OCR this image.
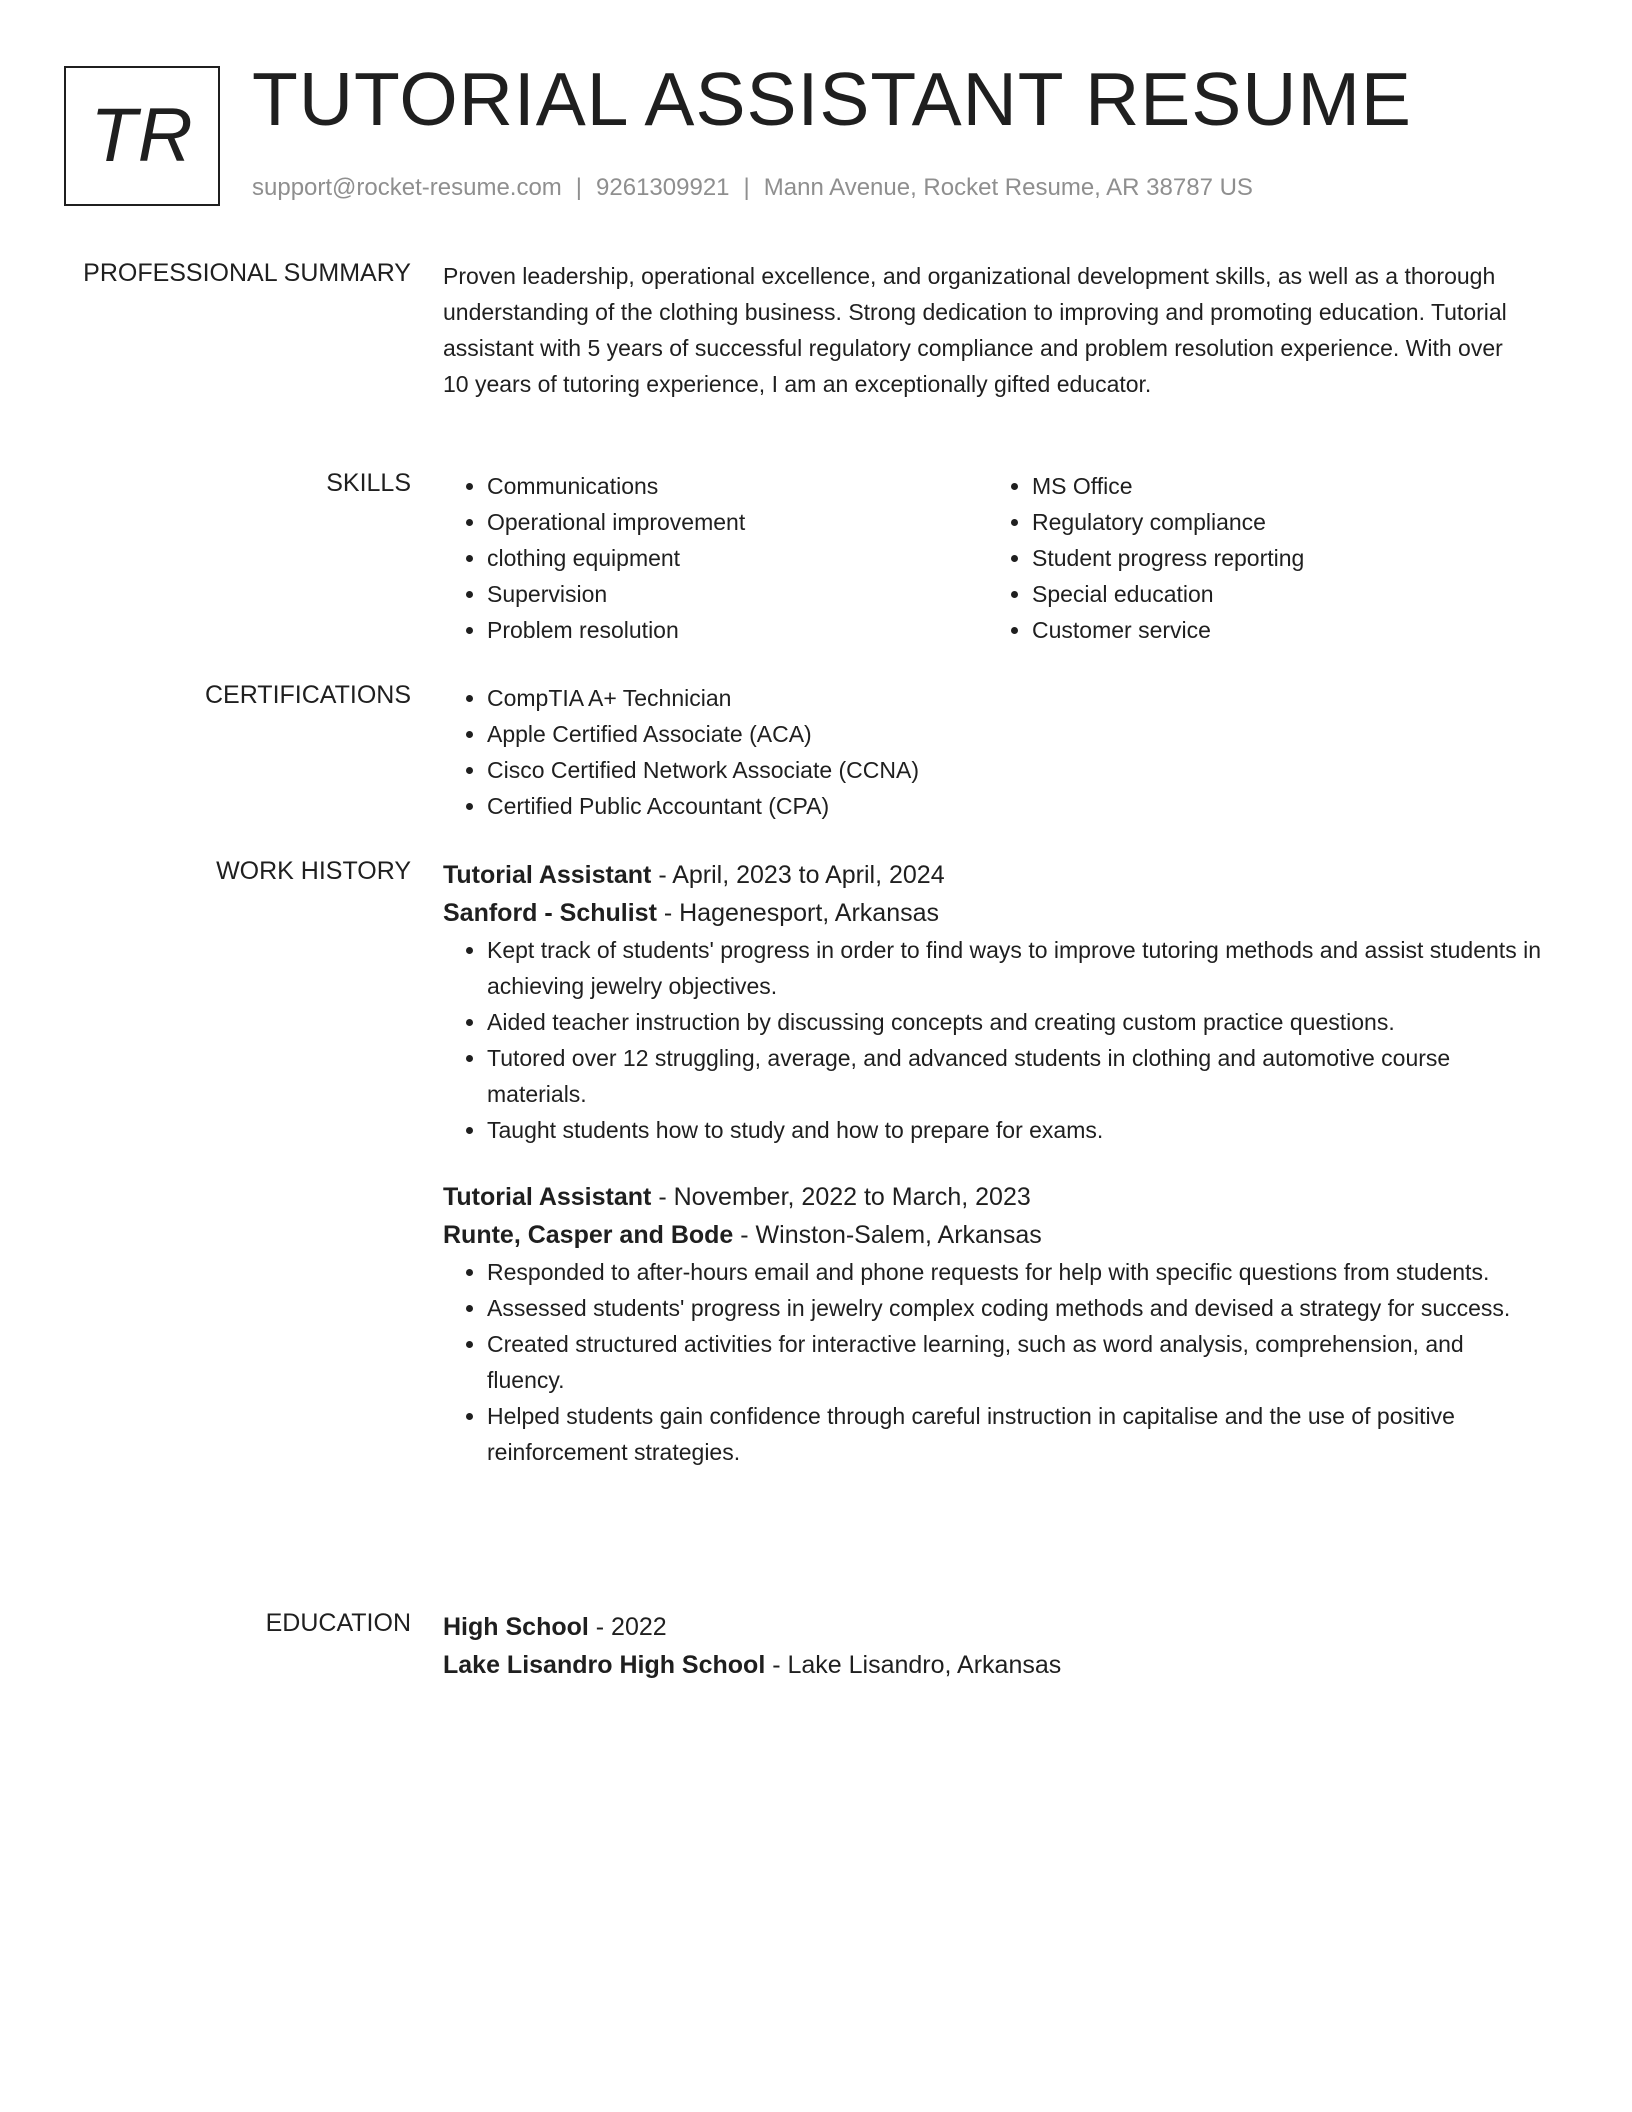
TR TUTORIAL ASSISTANT RESUME
support@rocket-resume.com | 9261309921 | Mann Avenue, Rocket Resume, AR 38787 US
PROFESSIONAL SUMMARY Proven leadership, operational excellence, and organizational development skills, as well as a thorough understanding of the clothing business. Strong dedication to improving and promoting education. Tutorial assistant with 5 years of successful regulatory compliance and problem resolution experience. With over 10 years of tutoring experience, I am an exceptionally gifted educator.

SKILLS	• Communications
• Operational improvement
• clothing equipment
• Supervision
• Problem resolution
• MS Office
• Regulatory compliance
• Student progress reporting
• Special education
• Customer service
CERTIFICATIONS	• CompTIA A+ Technician
• Apple Certified Associate (ACA)
• Cisco Certified Network Associate (CCNA)
• Certified Public Accountant (CPA)
WORK HISTORY Tutorial Assistant - April, 2023 to April, 2024
Sanford - Schulist - Hagenesport, Arkansas
• Kept track of students' progress in order to find ways to improve tutoring methods and assist students in achieving jewelry objectives.
• Aided teacher instruction by discussing concepts and creating custom practice questions.
• Tutored over 12 struggling, average, and advanced students in clothing and automotive course materials.
• Taught students how to study and how to prepare for exams.
Tutorial Assistant - November, 2022 to March, 2023
Runte, Casper and Bode - Winston-Salem, Arkansas
• Responded to after-hours email and phone requests for help with specific questions from students.
• Assessed students' progress in jewelry complex coding methods and devised a strategy for success.
• Created structured activities for interactive learning, such as word analysis, comprehension, and fluency.
• Helped students gain confidence through careful instruction in capitalise and the use of positive reinforcement strategies.
EDUCATION High School - 2022
Lake Lisandro High School - Lake Lisandro, Arkansas
